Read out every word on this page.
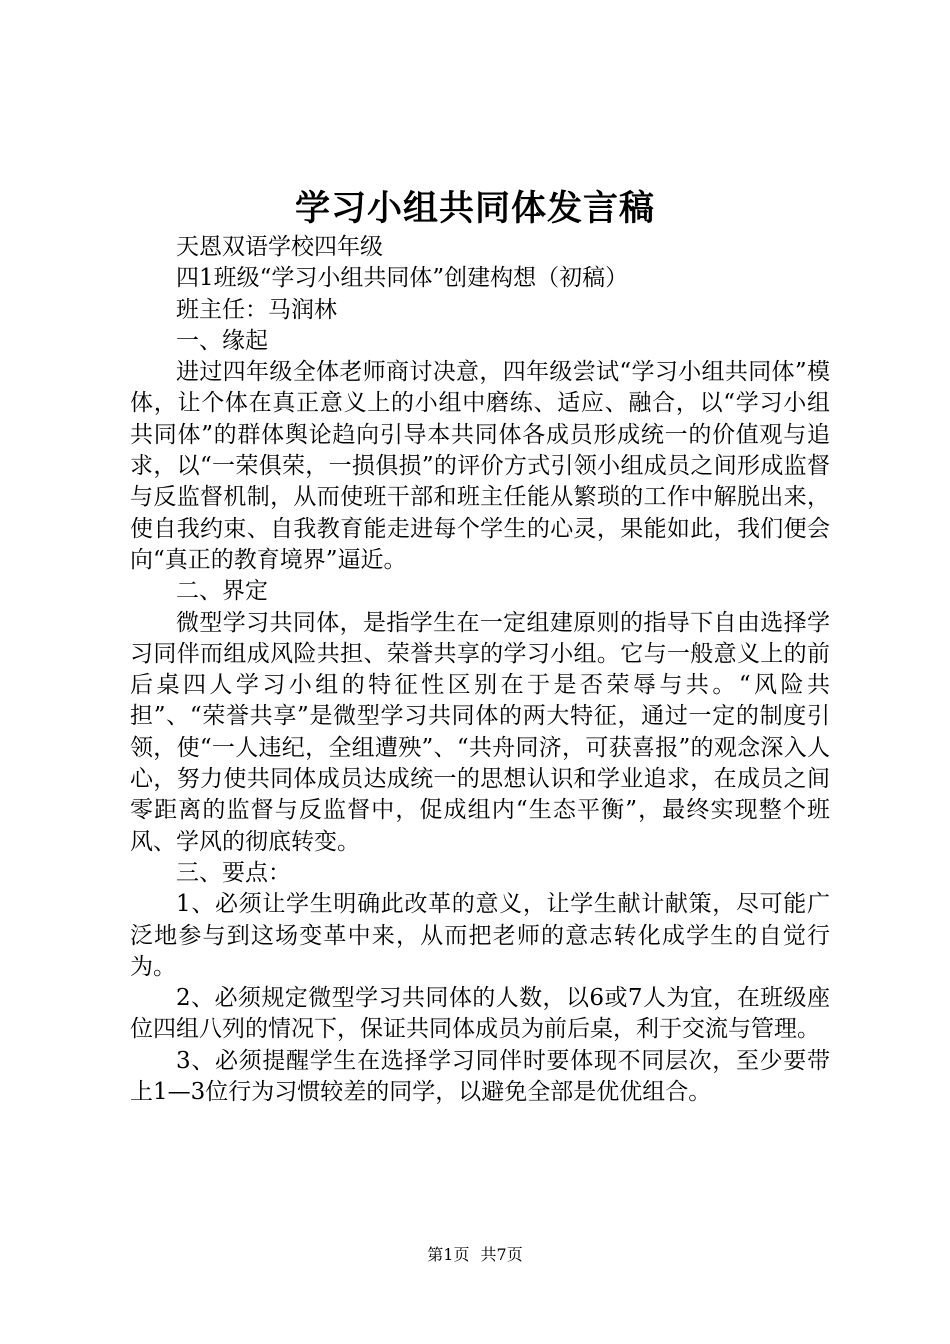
学习小组共同体发言稿

天恩双语学校四年级

四1班级“学习小组共同体”创建构想（初稿）

班主任：马润林

一、缘起

进过四年级全体老师商讨决意，四年级尝试“学习小组共同体”模体，让个体在真正意义上的小组中磨练、适应、融合，以“学习小组共同体”的群体舆论趋向引导本共同体各成员形成统一的价值观与追求，以“一荣俱荣，一损俱损”的评价方式引领小组成员之间形成监督与反监督机制，从而使班干部和班主任能从繁琐的工作中解脱出来，使自我约束、自我教育能走进每个学生的心灵，果能如此，我们便会向“真正的教育境界”逼近。

二、界定

微型学习共同体，是指学生在一定组建原则的指导下自由选择学习同伴而组成风险共担、荣誉共享的学习小组。它与一般意义上的前后桌四人学习小组的特征性区别在于是否荣辱与共。“风险共担”、“荣誉共享”是微型学习共同体的两大特征，通过一定的制度引领，使“一人违纪，全组遭殃”、“共舟同济，可获喜报”的观念深入人心，努力使共同体成员达成统一的思想认识和学业追求，在成员之间零距离的监督与反监督中，促成组内“生态平衡”，最终实现整个班风、学风的彻底转变。

三、要点：

1、必须让学生明确此改革的意义，让学生献计献策，尽可能广泛地参与到这场变革中来，从而把老师的意志转化成学生的自觉行为。

2、必须规定微型学习共同体的人数，以6或7人为宜，在班级座位四组八列的情况下，保证共同体成员为前后桌，利于交流与管理。

3、必须提醒学生在选择学习同伴时要体现不同层次，至少要带上1—3位行为习惯较差的同学，以避免全部是优优组合。

第1页 共7页
